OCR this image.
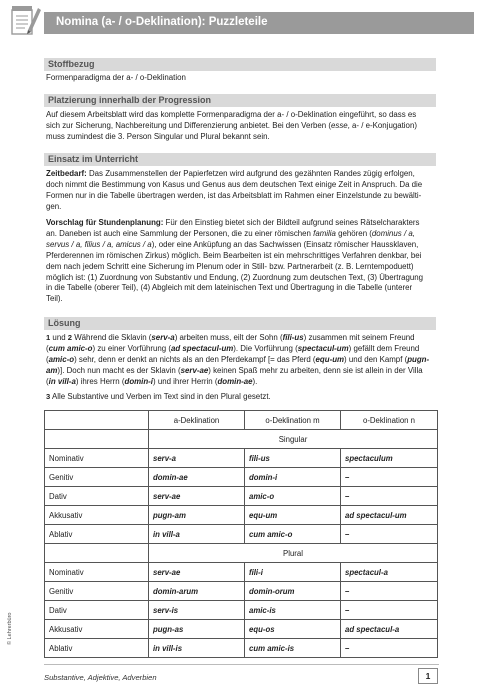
Nomina (a- / o-Deklination): Puzzleteile
Stoffbezug
Formenparadigma der a- / o-Deklination
Platzierung innerhalb der Progression
Auf diesem Arbeitsblatt wird das komplette Formenparadigma der a- / o-Deklination eingeführt, so dass es
sich zur Sicherung, Nachbereitung und Differenzierung anbietet. Bei den Verben (esse, a- / e-Konjugation)
muss zumindest die 3. Person Singular und Plural bekannt sein.
Einsatz im Unterricht
Zeitbedarf: Das Zusammenstellen der Papierfetzen wird aufgrund des gezähnten Randes zügig erfolgen,
doch nimmt die Bestimmung von Kasus und Genus aus dem deutschen Text einige Zeit in Anspruch. Da die
Formen nur in die Tabelle übertragen werden, ist das Arbeitsblatt im Rahmen einer Einzelstunde zu bewälti-
gen.
Vorschlag für Stundenplanung: Für den Einstieg bietet sich der Bildteil aufgrund seines Rätselcharakters
an. Daneben ist auch eine Sammlung der Personen, die zu einer römischen familia gehören (dominus / a,
servus / a, filius / a, amicus / a), oder eine Anküpfung an das Sachwissen (Einsatz römischer Haussklaven,
Pferderennen im römischen Zirkus) möglich. Beim Bearbeiten ist ein mehrschrittiges Verfahren denkbar, bei
dem nach jedem Schritt eine Sicherung im Plenum oder in Still- bzw. Partnerarbeit (z. B. Lerntempoduett)
möglich ist: (1) Zuordnung von Substantiv und Endung, (2) Zuordnung zum deutschen Text, (3) Übertragung
in die Tabelle (oberer Teil), (4) Abgleich mit dem lateinischen Text und Übertragung in die Tabelle (unterer
Teil).
Lösung
1 und 2 Während die Sklavin (serv-a) arbeiten muss, eilt der Sohn (fili-us) zusammen mit seinem Freund
(cum amic-o) zu einer Vorführung (ad spectacul-um). Die Vorführung (spectacul-um) gefällt dem Freund
(amic-o) sehr, denn er denkt an nichts als an den Pferdekampf [= das Pferd (equ-um) und den Kampf (pugn-
am)]. Doch nun macht es der Sklavin (serv-ae) keinen Spaß mehr zu arbeiten, denn sie ist allein in der Villa
(in vill-a) ihres Herrn (domin-i) und ihrer Herrin (domin-ae).
3 Alle Substantive und Verben im Text sind in den Plural gesetzt.
	a-Deklination	o-Deklination m	o-Deklination n
	Singular		
Nominativ	serv-a	fili-us	spectaculum
Genitiv	domin-ae	domin-i	–
Dativ	serv-ae	amic-o	–
Akkusativ	pugn-am	equ-um	ad spectacul-um
Ablativ	in vill-a	cum amic-o	–
	Plural		
Nominativ	serv-ae	fili-i	spectacul-a
Genitiv	domin-arum	domin-orum	–
Dativ	serv-is	amic-is	–
Akkusativ	pugn-as	equ-os	ad spectacul-a
Ablativ	in vill-is	cum amic-is	–
© Lehrerbüro
Substantive, Adjektive, Adverbien	1
